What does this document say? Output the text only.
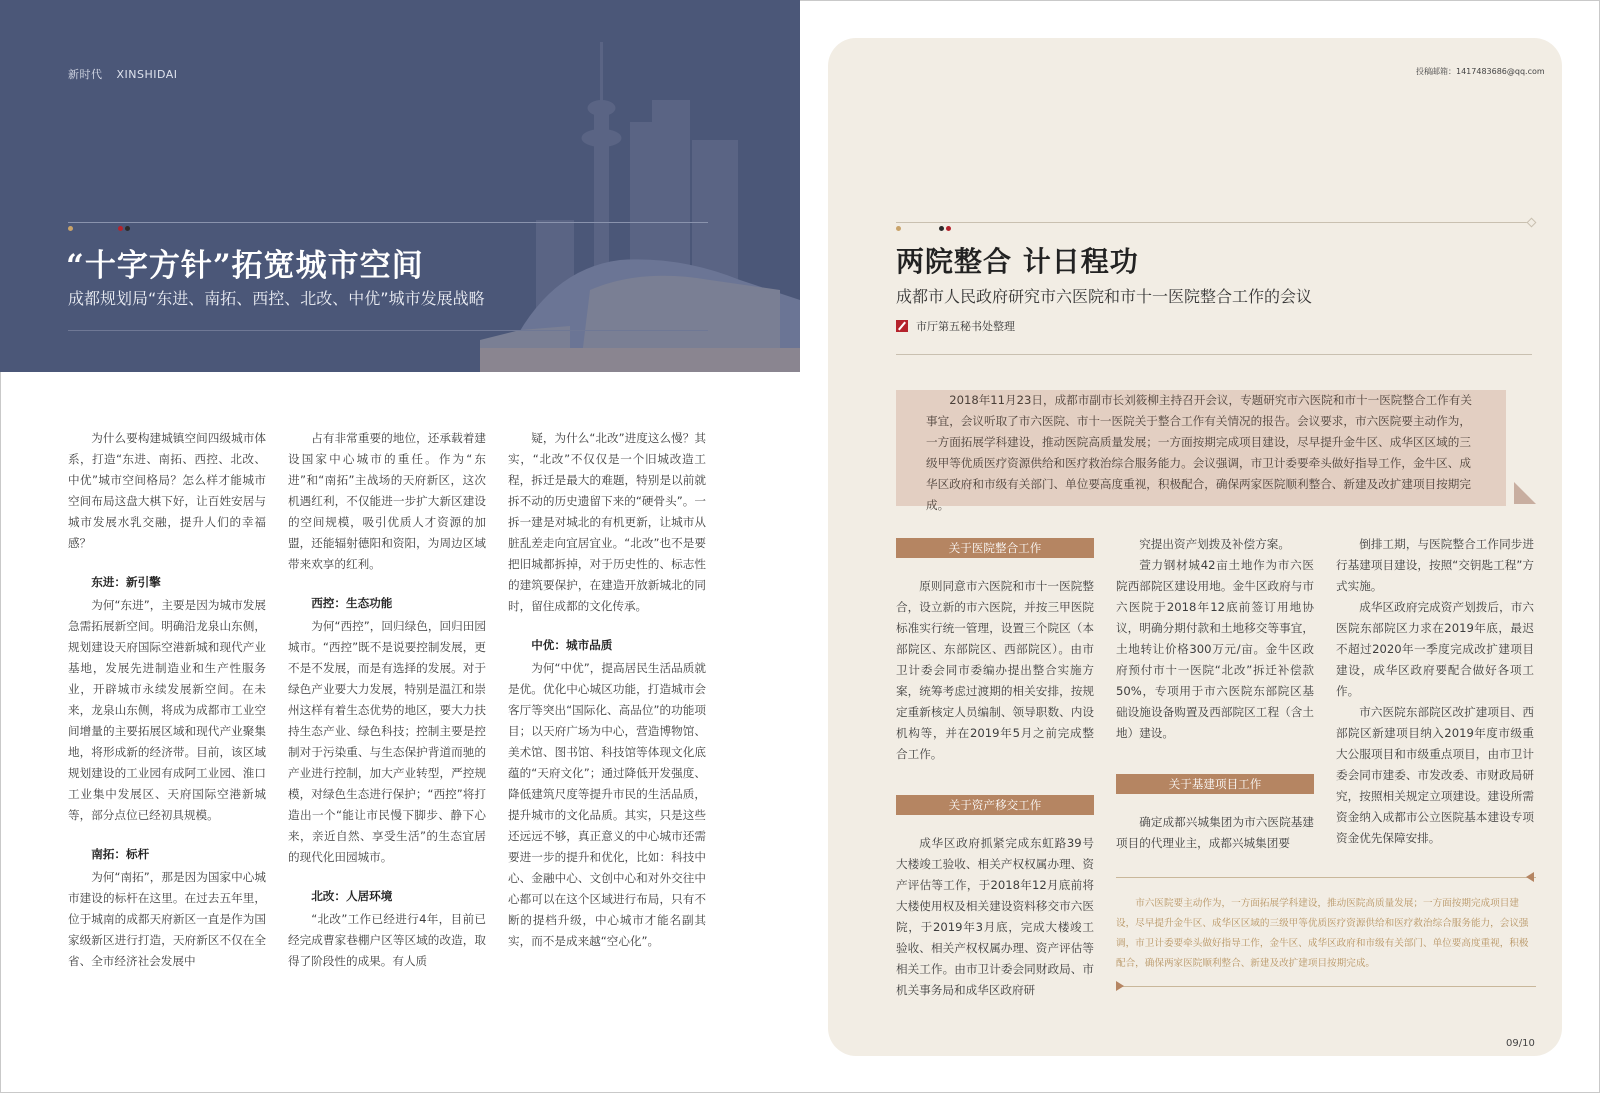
新时代 XINSHIDAI
“十字方针”拓宽城市空间
成都规划局“东进、南拓、西控、北改、中优”城市发展战略

为什么要构建城镇空间四级城市体系，打造“东进、南拓、西控、北改、中优”城市空间格局？怎么样才能城市空间布局这盘大棋下好，让百姓安居与城市发展水乳交融，提升人们的幸福感？

东进：新引擎

为何“东进”，主要是因为城市发展急需拓展新空间。明确沿龙泉山东侧，规划建设天府国际空港新城和现代产业基地，发展先进制造业和生产性服务业，开辟城市永续发展新空间。在未来，龙泉山东侧，将成为成都市工业空间增量的主要拓展区域和现代产业聚集地，将形成新的经济带。目前，该区域规划建设的工业园有成阿工业园、淮口工业集中发展区、天府国际空港新城等，部分点位已经初具规模。

南拓：标杆

为何“南拓”，那是因为国家中心城市建设的标杆在这里。在过去五年里，位于城南的成都天府新区一直是作为国家级新区进行打造，天府新区不仅在全省、全市经济社会发展中

占有非常重要的地位，还承载着建设国家中心城市的重任。作为“东进”和“南拓”主战场的天府新区，这次机遇红利，不仅能进一步扩大新区建设的空间规模，吸引优质人才资源的加盟，还能辐射德阳和资阳，为周边区域带来欢享的红利。

西控：生态功能

为何“西控”，回归绿色，回归田园城市。“西控”既不是说要控制发展，更不是不发展，而是有选择的发展。对于绿色产业要大力发展，特别是温江和崇州这样有着生态优势的地区，要大力扶持生态产业、绿色科技；控制主要是控制对于污染重、与生态保护背道而驰的产业进行控制，加大产业转型，严控规模，对绿色生态进行保护；“西控”将打造出一个“能让市民慢下脚步、静下心来，亲近自然、享受生活”的生态宜居的现代化田园城市。

北改：人居环境

“北改”工作已经进行4年，目前已经完成曹家巷棚户区等区域的改造，取得了阶段性的成果。有人质

疑，为什么“北改”进度这么慢？其实，“北改”不仅仅是一个旧城改造工程，拆迁是最大的难题，特别是以前就拆不动的历史遗留下来的“硬骨头”。一拆一建是对城北的有机更新，让城市从脏乱差走向宜居宜业。“北改”也不是要把旧城都拆掉，对于历史性的、标志性的建筑要保护，在建造开放新城北的同时，留住成都的文化传承。

中优：城市品质

为何“中优”，提高居民生活品质就是优。优化中心城区功能，打造城市会客厅等突出“国际化、高品位”的功能项目；以天府广场为中心，营造博物馆、美术馆、图书馆、科技馆等体现文化底蕴的“天府文化”；通过降低开发强度、降低建筑尺度等提升市民的生活品质，提升城市的文化品质。其实，只是这些还远远不够，真正意义的中心城市还需要进一步的提升和优化，比如：科技中心、金融中心、文创中心和对外交往中心都可以在这个区域进行布局，只有不断的提档升级，中心城市才能名副其实，而不是成来越“空心化”。

投稿邮箱：1417483686@qq.com
两院整合 计日程功
成都市人民政府研究市六医院和市十一医院整合工作的会议
市厅第五秘书处整理

2018年11月23日，成都市副市长刘筱柳主持召开会议，专题研究市六医院和市十一医院整合工作有关事宜，会议听取了市六医院、市十一医院关于整合工作有关情况的报告。会议要求，市六医院要主动作为，一方面拓展学科建设，推动医院高质量发展；一方面按期完成项目建设，尽早提升金牛区、成华区区域的三级甲等优质医疗资源供给和医疗救治综合服务能力。会议强调，市卫计委要牵头做好指导工作，金牛区、成华区政府和市级有关部门、单位要高度重视，积极配合，确保两家医院顺利整合、新建及改扩建项目按期完成。

关于医院整合工作

原则同意市六医院和市十一医院整合，设立新的市六医院，并按三甲医院标准实行统一管理，设置三个院区（本部院区、东部院区、西部院区）。由市卫计委会同市委编办提出整合实施方案，统筹考虑过渡期的相关安排，按规定重新核定人员编制、领导职数、内设机构等，并在2019年5月之前完成整合工作。

关于资产移交工作

成华区政府抓紧完成东虹路39号大楼竣工验收、相关产权权属办理、资产评估等工作，于2018年12月底前将大楼使用权及相关建设资料移交市六医院，于2019年3月底，完成大楼竣工验收、相关产权权属办理、资产评估等相关工作。由市卫计委会同财政局、市机关事务局和成华区政府研

究提出资产划拨及补偿方案。

萱力钢材城42亩土地作为市六医院西部院区建设用地。金牛区政府与市六医院于2018年12底前签订用地协议，明确分期付款和土地移交等事宜，土地转让价格300万元/亩。金牛区政府预付市十一医院“北改”拆迁补偿款50%，专项用于市六医院东部院区基础设施设备购置及西部院区工程（含土地）建设。

关于基建项目工作

确定成都兴城集团为市六医院基建项目的代理业主，成都兴城集团要

倒排工期，与医院整合工作同步进行基建项目建设，按照“交钥匙工程”方式实施。

成华区政府完成资产划拨后，市六医院东部院区力求在2019年底，最迟不超过2020年一季度完成改扩建项目建设，成华区政府要配合做好各项工作。

市六医院东部院区改扩建项目、西部院区新建项目纳入2019年度市级重大公服项目和市级重点项目，由市卫计委会同市建委、市发改委、市财政局研究，按照相关规定立项建设。建设所需资金纳入成都市公立医院基本建设专项资金优先保障安排。

市六医院要主动作为，一方面拓展学科建设，推动医院高质量发展；一方面按期完成项目建设，尽早提升金牛区、成华区区域的三级甲等优质医疗资源供给和医疗救治综合服务能力，会议强调，市卫计委要牵头做好指导工作，金牛区、成华区政府和市级有关部门、单位要高度重视，积极配合，确保两家医院顺利整合、新建及改扩建项目按期完成。
09/10
